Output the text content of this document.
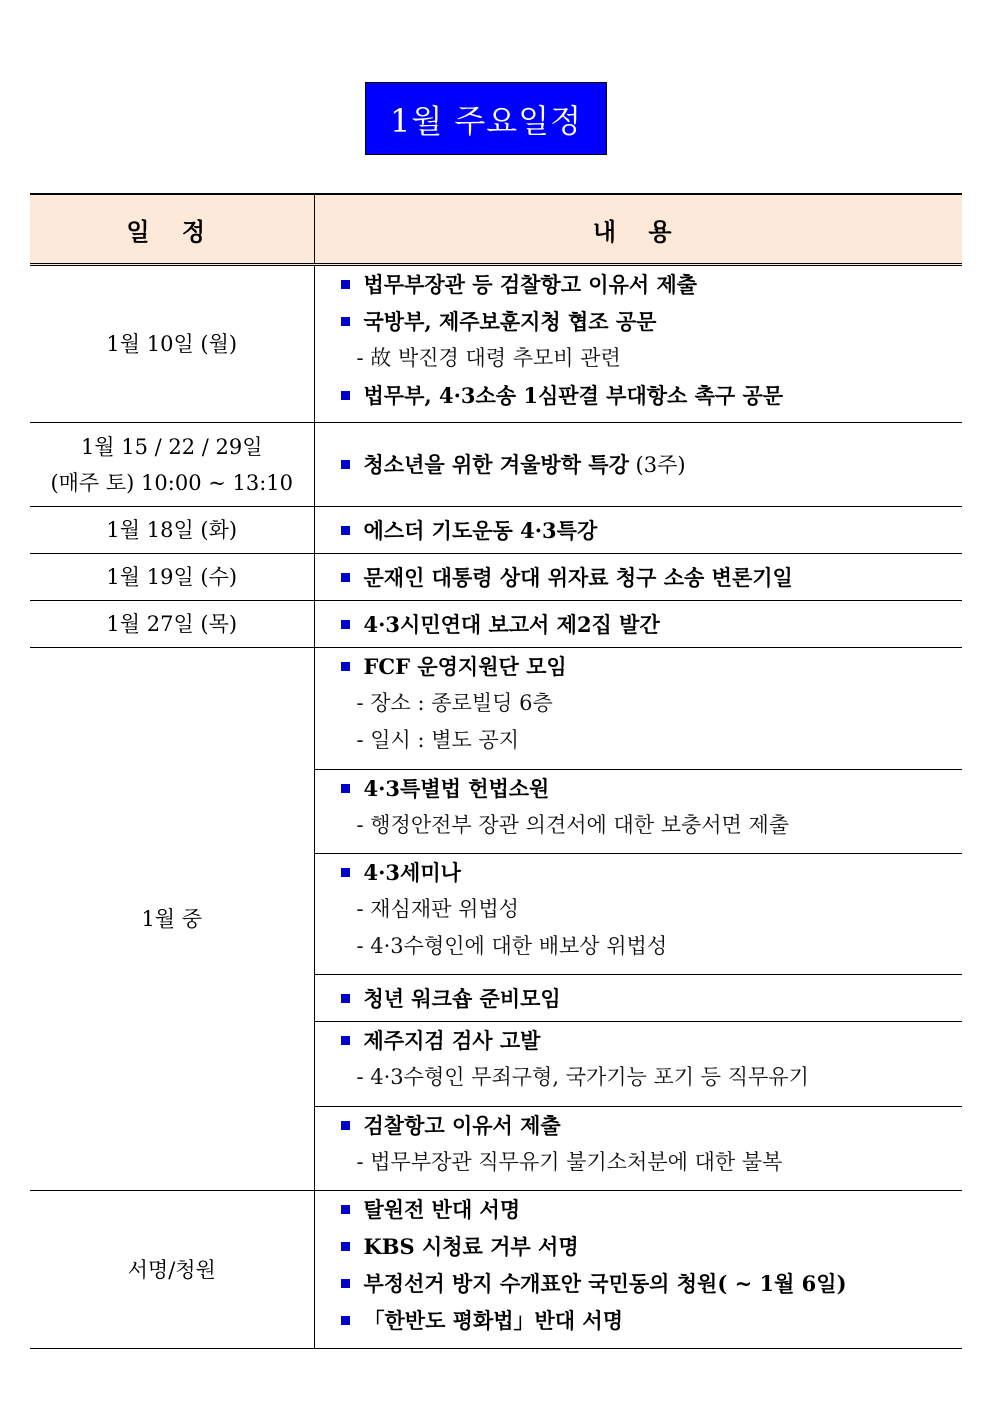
1월 주요일정
일 정	내 용
1월 10일 (월)	법무부장관 등 검찰항고 이유서 제출
국방부, 제주보훈지청 협조 공문
- 故 박진경 대령 추모비 관련
법무부, 4·3소송 1심판결 부대항소 촉구 공문

1월 15 / 22 / 29일
(매주 토) 10:00 ~ 13:10	청소년을 위한 겨울방학 특강 (3주)

1월 18일 (화)	에스더 기도운동 4·3특강

1월 19일 (수)	문재인 대통령 상대 위자료 청구 소송 변론기일

1월 27일 (목)	4·3시민연대 보고서 제2집 발간

1월 중	FCF 운영지원단 모임
- 장소 : 종로빌딩 6층
- 일시 : 별도 공지

	4·3특별법 헌법소원
- 행정안전부 장관 의견서에 대한 보충서면 제출

	4·3세미나
- 재심재판 위법성
- 4·3수형인에 대한 배보상 위법성

	청년 워크숍 준비모임

	제주지검 검사 고발
- 4·3수형인 무죄구형, 국가기능 포기 등 직무유기

	검찰항고 이유서 제출
- 법무부장관 직무유기 불기소처분에 대한 불복

서명/청원	탈원전 반대 서명
KBS 시청료 거부 서명
부정선거 방지 수개표안 국민동의 청원( ~ 1월 6일)
「한반도 평화법」반대 서명
